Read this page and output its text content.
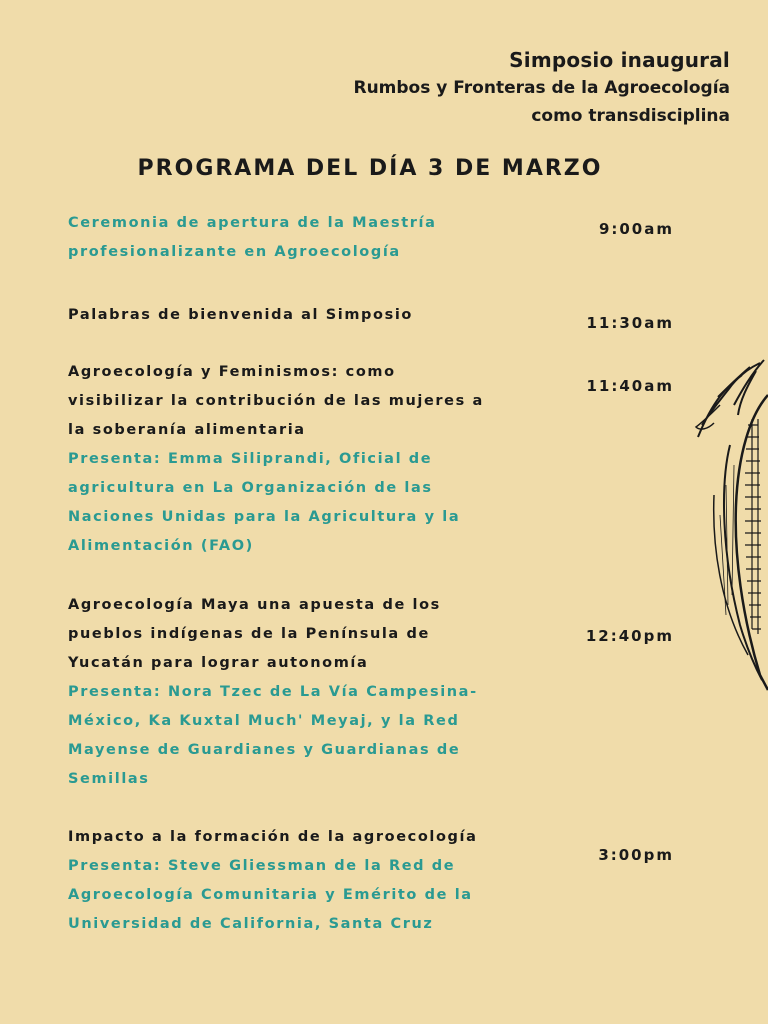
Simposio inaugural
Rumbos y Fronteras de la Agroecología
como transdisciplina
PROGRAMA DEL DÍA 3 DE MARZO
Ceremonia de apertura de la Maestría
profesionalizante en Agroecología
9:00am
Palabras de bienvenida al Simposio	11:30am
Agroecología y Feminismos: como
visibilizar la contribución de las mujeres a
la soberanía alimentaria
Presenta: Emma Siliprandi, Oficial de
agricultura en La Organización de las
Naciones Unidas para la Agricultura y la
Alimentación (FAO)
11:40am
Agroecología Maya una apuesta de los
pueblos indígenas de la Península de
Yucatán para lograr autonomía
Presenta: Nora Tzec de La Vía Campesina-
México, Ka Kuxtal Much' Meyaj, y la Red
Mayense de Guardianes y Guardianas de
Semillas
12:40pm
Impacto a la formación de la agroecología
Presenta: Steve Gliessman de la Red de
Agroecología Comunitaria y Emérito de la
Universidad de California, Santa Cruz
3:00pm
